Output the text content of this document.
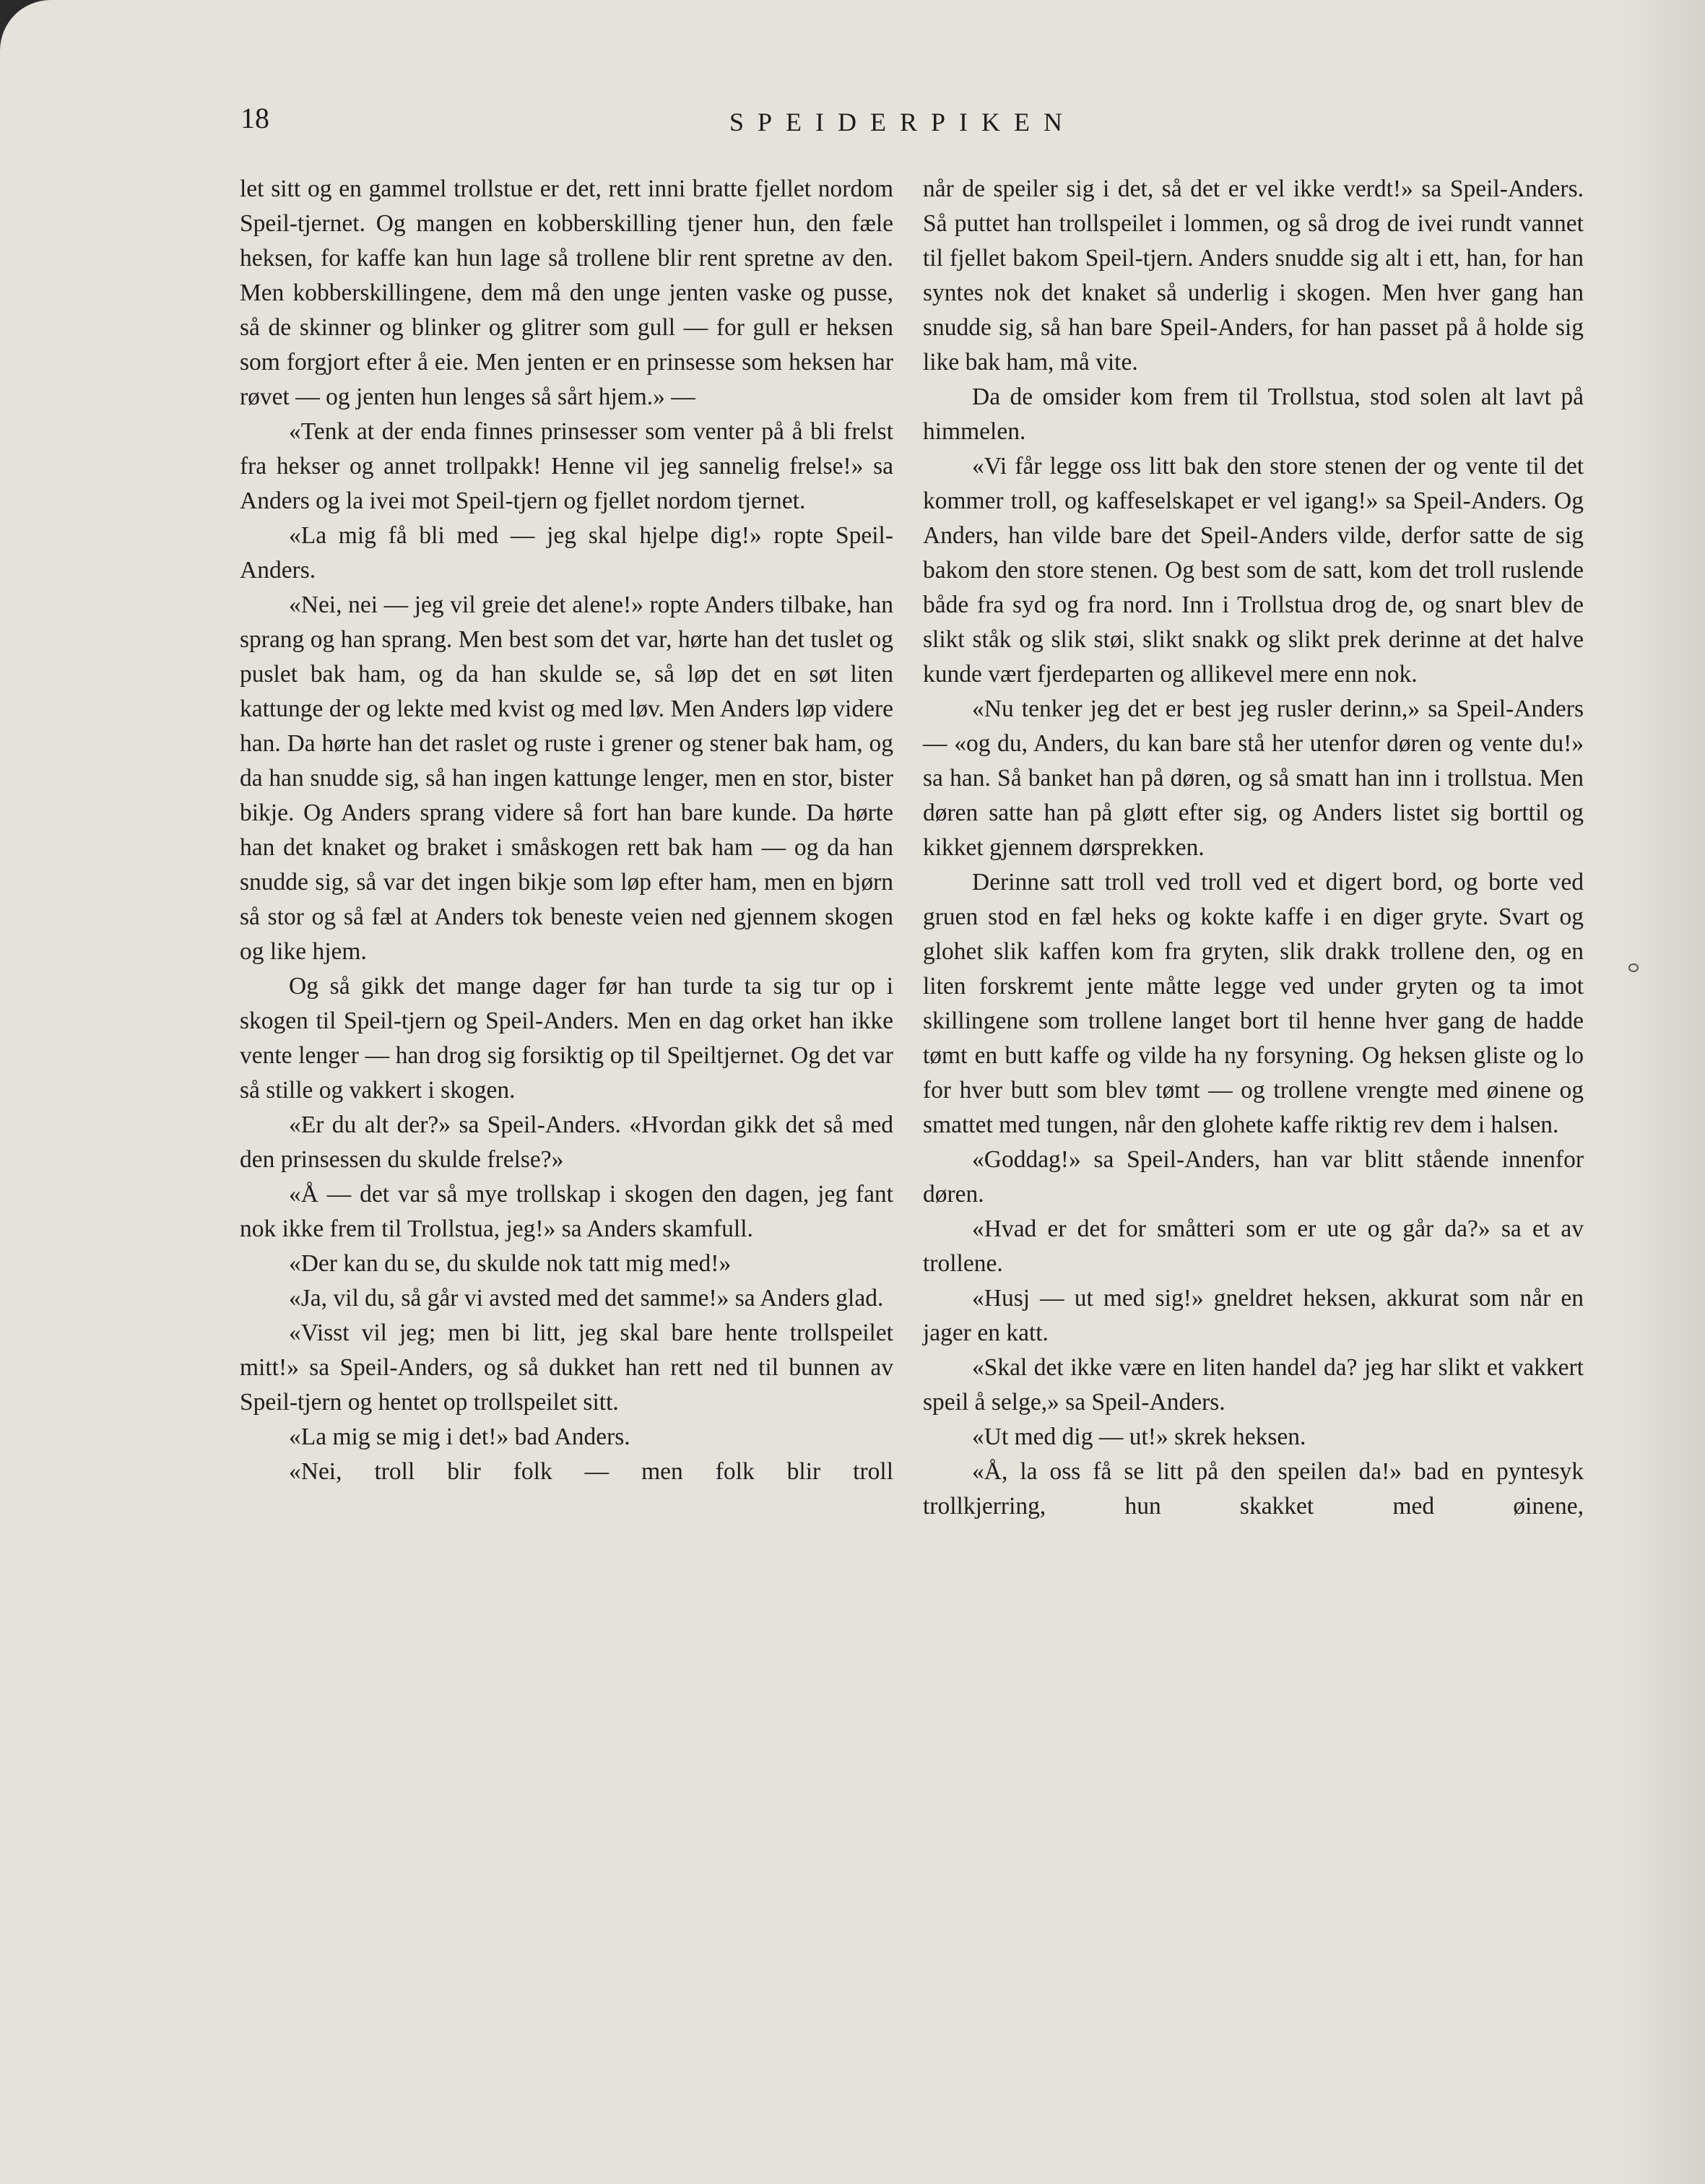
18	SPEIDERPIKEN

let sitt og en gammel trollstue er det, rett inni bratte fjellet nordom Speil-tjernet. Og mangen en kobberskilling tjener hun, den fæle heksen, for kaffe kan hun lage så trollene blir rent spretne av den. Men kobberskillingene, dem må den unge jenten vaske og pusse, så de skinner og blinker og glitrer som gull — for gull er heksen som forgjort efter å eie. Men jenten er en prinsesse som heksen har røvet — og jenten hun lenges så sårt hjem.» —

«Tenk at der enda finnes prinsesser som venter på å bli frelst fra hekser og annet trollpakk! Henne vil jeg sannelig frelse!» sa Anders og la ivei mot Speil-tjern og fjellet nordom tjernet.

«La mig få bli med — jeg skal hjelpe dig!» ropte Speil-Anders.

«Nei, nei — jeg vil greie det alene!» ropte Anders tilbake, han sprang og han sprang. Men best som det var, hørte han det tuslet og puslet bak ham, og da han skulde se, så løp det en søt liten kattunge der og lekte med kvist og med løv. Men Anders løp videre han. Da hørte han det raslet og ruste i grener og stener bak ham, og da han snudde sig, så han ingen kattunge lenger, men en stor, bister bikje. Og Anders sprang videre så fort han bare kunde. Da hørte han det knaket og braket i småskogen rett bak ham — og da han snudde sig, så var det ingen bikje som løp efter ham, men en bjørn så stor og så fæl at Anders tok beneste veien ned gjennem skogen og like hjem.

Og så gikk det mange dager før han turde ta sig tur op i skogen til Speil-tjern og Speil-Anders. Men en dag orket han ikke vente lenger — han drog sig forsiktig op til Speiltjernet. Og det var så stille og vakkert i skogen.

«Er du alt der?» sa Speil-Anders. «Hvordan gikk det så med den prinsessen du skulde frelse?»

«Å — det var så mye trollskap i skogen den dagen, jeg fant nok ikke frem til Trollstua, jeg!» sa Anders skamfull.

«Der kan du se, du skulde nok tatt mig med!»

«Ja, vil du, så går vi avsted med det samme!» sa Anders glad.

«Visst vil jeg; men bi litt, jeg skal bare hente trollspeilet mitt!» sa Speil-Anders, og så dukket han rett ned til bunnen av Speil-tjern og hentet op trollspeilet sitt.

«La mig se mig i det!» bad Anders.

«Nei, troll blir folk — men folk blir troll

når de speiler sig i det, så det er vel ikke verdt!» sa Speil-Anders. Så puttet han trollspeilet i lommen, og så drog de ivei rundt vannet til fjellet bakom Speil-tjern. Anders snudde sig alt i ett, han, for han syntes nok det knaket så underlig i skogen. Men hver gang han snudde sig, så han bare Speil-Anders, for han passet på å holde sig like bak ham, må vite.

Da de omsider kom frem til Trollstua, stod solen alt lavt på himmelen.

«Vi får legge oss litt bak den store stenen der og vente til det kommer troll, og kaffeselskapet er vel igang!» sa Speil-Anders. Og Anders, han vilde bare det Speil-Anders vilde, derfor satte de sig bakom den store stenen. Og best som de satt, kom det troll ruslende både fra syd og fra nord. Inn i Trollstua drog de, og snart blev de slikt ståk og slik støi, slikt snakk og slikt prek derinne at det halve kunde vært fjerdeparten og allikevel mere enn nok.

«Nu tenker jeg det er best jeg rusler derinn,» sa Speil-Anders — «og du, Anders, du kan bare stå her utenfor døren og vente du!» sa han. Så banket han på døren, og så smatt han inn i trollstua. Men døren satte han på gløtt efter sig, og Anders listet sig borttil og kikket gjennem dørsprekken.

Derinne satt troll ved troll ved et digert bord, og borte ved gruen stod en fæl heks og kokte kaffe i en diger gryte. Svart og glohet slik kaffen kom fra gryten, slik drakk trollene den, og en liten forskremt jente måtte legge ved under gryten og ta imot skillingene som trollene langet bort til henne hver gang de hadde tømt en butt kaffe og vilde ha ny forsyning. Og heksen gliste og lo for hver butt som blev tømt — og trollene vrengte med øinene og smattet med tungen, når den glohete kaffe riktig rev dem i halsen.

«Goddag!» sa Speil-Anders, han var blitt stående innenfor døren.

«Hvad er det for småtteri som er ute og går da?» sa et av trollene.

«Husj — ut med sig!» gneldret heksen, akkurat som når en jager en katt.

«Skal det ikke være en liten handel da? jeg har slikt et vakkert speil å selge,» sa Speil-Anders.

«Ut med dig — ut!» skrek heksen.

«Å, la oss få se litt på den speilen da!» bad en pyntesyk trollkjerring, hun skakket med øinene,
